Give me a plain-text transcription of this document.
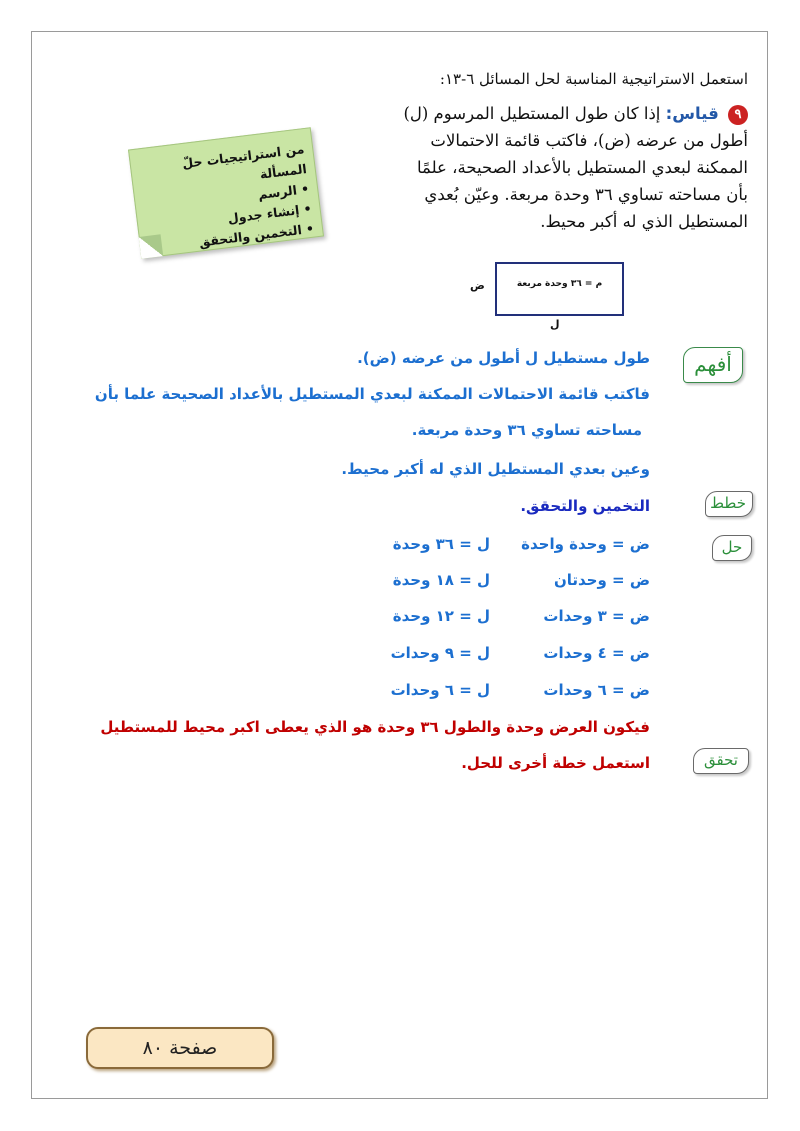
استعمل الاستراتيجية المناسبة لحل المسائل ٦-١٣:
٩ قياس: إذا كان طول المستطيل المرسوم (ل)
أطول من عرضه (ض)، فاكتب قائمة الاحتمالات
الممكنة لبعدي المستطيل بالأعداد الصحيحة، علمًا
بأن مساحته تساوي ٣٦ وحدة مربعة. وعيّن بُعدي
المستطيل الذي له أكبر محيط.
من استراتيجيات حلّ المسألة
• الرسم
• إنشاء جدول
• التخمين والتحقق
م = ٣٦ وحدة مربعة
ض
ل
أفهم
خطط
حل
تحقق
طول مستطيل ل أطول من عرضه (ض).
فاكتب قائمة الاحتمالات الممكنة لبعدي المستطيل بالأعداد الصحيحة علما بأن
مساحته تساوي ٣٦ وحدة مربعة.
وعين بعدي المستطيل الذي له أكبر محيط.
التخمين والتحقق.
ض = وحدة واحدة
ل = ٣٦ وحدة
ض = وحدتان
ل = ١٨ وحدة
ض = ٣ وحدات
ل = ١٢ وحدة
ض = ٤ وحدات
ل = ٩ وحدات
ض = ٦ وحدات
ل = ٦ وحدات
فيكون العرض وحدة والطول ٣٦ وحدة هو الذي يعطى اكبر محيط للمستطيل
استعمل خطة أخرى للحل.
صفحة ٨٠
